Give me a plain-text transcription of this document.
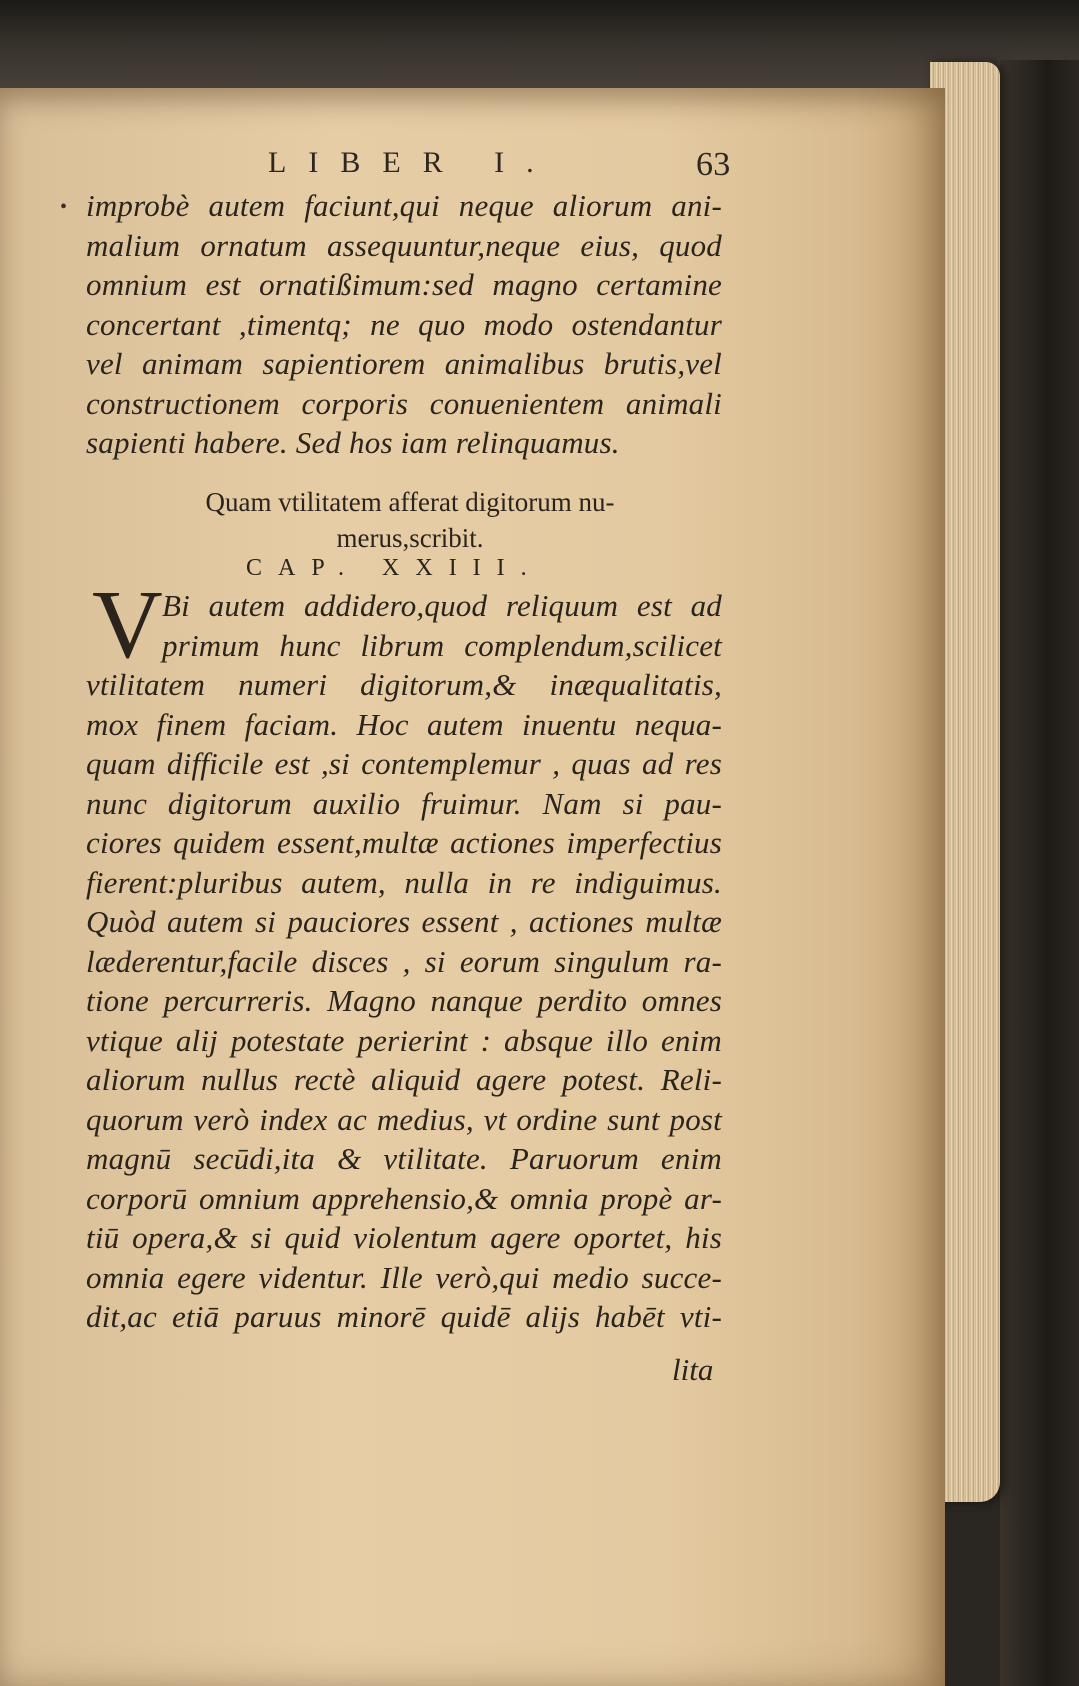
LIBER I.	63
• improbè autem faciunt,qui neque aliorum ani-
malium ornatum assequuntur,neque eius, quod
omnium est ornatißimum:sed magno certamine
concertant ,timentq; ne quo modo ostendantur
vel animam sapientiorem animalibus brutis,vel
constructionem corporis conuenientem animali
sapienti habere. Sed hos iam relinquamus.
Quam vtilitatem afferat digitorum nu-
merus,scribit.
CAP. XXIII.
V Bi autem addidero,quod reliquum est ad
primum hunc librum complendum,scilicet
vtilitatem numeri digitorum,& inæqualitatis,
mox finem faciam. Hoc autem inuentu nequa-
quam difficile est ,si contemplemur , quas ad res
nunc digitorum auxilio fruimur. Nam si pau-
ciores quidem essent,multæ actiones imperfectius
fierent:pluribus autem, nulla in re indiguimus.
Quòd autem si pauciores essent , actiones multæ
læderentur,facile disces , si eorum singulum ra-
tione percurreris. Magno nanque perdito omnes
vtique alij potestate perierint : absque illo enim
aliorum nullus rectè aliquid agere potest. Reli-
quorum verò index ac medius, vt ordine sunt post
magnū secūdi,ita & vtilitate. Paruorum enim
corporū omnium apprehensio,& omnia propè ar-
tiū opera,& si quid violentum agere oportet, his
omnia egere videntur. Ille verò,qui medio succe-
dit,ac etiā paruus minorē quidē alijs habēt vti-
lita
